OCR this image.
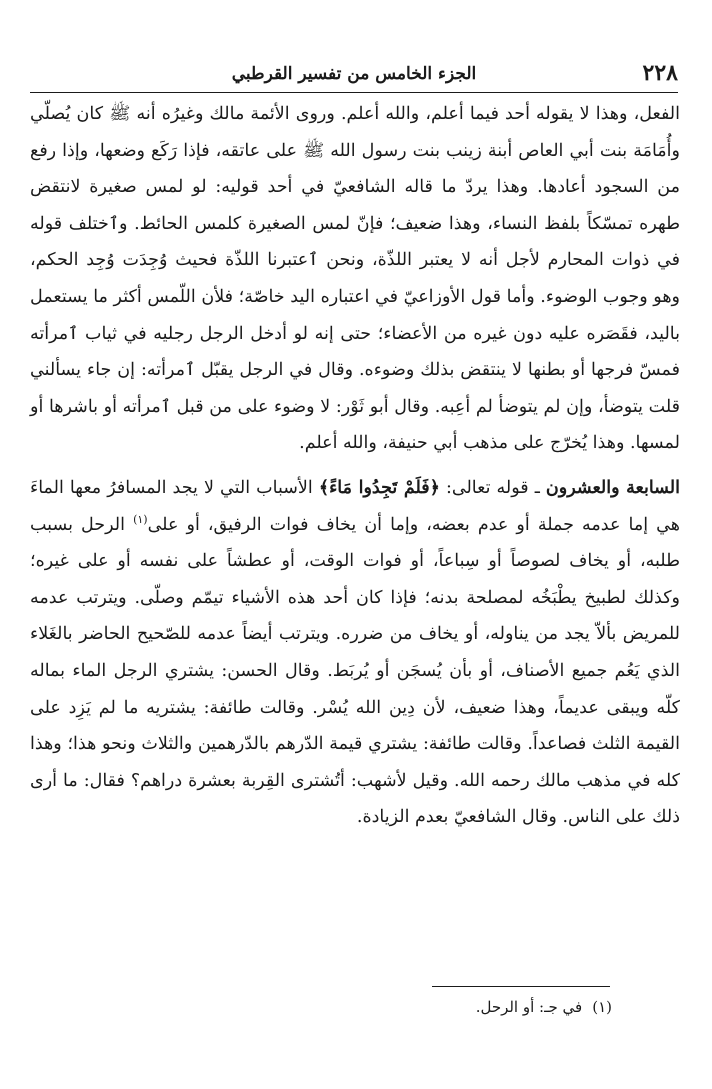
٢٢٨
الجزء الخامس من تفسير القرطبي

الفعل، وهذا لا يقوله أحد فيما أعلم، والله أعلم. وروى الأئمة مالك وغيرُه أنه ﷺ كان يُصلّي وأُمَامَة بنت أبي العاص أبنة زينب بنت رسول الله ﷺ على عاتقه، فإذا رَكَع وضعها، وإذا رفع من السجود أعادها. وهذا يردّ ما قاله الشافعيّ في أحد قوليه: لو لمس صغيرة لانتقض طهره تمسّكاً بلفظ النساء، وهذا ضعيف؛ فإنّ لمس الصغيرة كلمس الحائط. وٱختلف قوله في ذوات المحارم لأجل أنه لا يعتبر اللذّة، ونحن ٱعتبرنا اللذّة فحيث وُجِدَت وُجِد الحكم، وهو وجوب الوضوء. وأما قول الأوزاعيّ في اعتباره اليد خاصّة؛ فلأن اللّمس أكثر ما يستعمل باليد، فقَصَره عليه دون غيره من الأعضاء؛ حتى إنه لو أدخل الرجل رجليه في ثياب ٱمرأته فمسّ فرجها أو بطنها لا ينتقض بذلك وضوءه. وقال في الرجل يقبّل ٱمرأته: إن جاء يسألني قلت يتوضأ، وإن لم يتوضأ لم أعِبه. وقال أبو ثَوْر: لا وضوء على من قبل ٱمرأته أو باشرها أو لمسها. وهذا يُخرّج على مذهب أبي حنيفة، والله أعلم.

السابعة والعشرون ـ قوله تعالى: ﴿فَلَمْ تَجِدُوا مَاءً﴾ الأسباب التي لا يجد المسافرُ معها الماءَ هي إما عدمه جملة أو عدم بعضه، وإما أن يخاف فوات الرفيق، أو على$^{(١)}$ الرحل بسبب طلبه، أو يخاف لصوصاً أو سِباعاً، أو فوات الوقت، أو عطشاً على نفسه أو على غيره؛ وكذلك لطبيخ يطْبَخُه لمصلحة بدنه؛ فإذا كان أحد هذه الأشياء تيمّم وصلّى. ويترتب عدمه للمريض بألاّ يجد من يناوله، أو يخاف من ضرره. ويترتب أيضاً عدمه للصّحيح الحاضر بالغَلاء الذي يَعُم جميع الأصناف، أو بأن يُسجَن أو يُربَط. وقال الحسن: يشتري الرجل الماء بماله كلّه ويبقى عديماً، وهذا ضعيف، لأن دِين الله يُسْر. وقالت طائفة: يشتريه ما لم يَزِد على القيمة الثلث فصاعداً. وقالت طائفة: يشتري قيمة الدّرهم بالدّرهمين والثلاث ونحو هذا؛ وهذا كله في مذهب مالك رحمه الله. وقيل لأشهب: أتُشترى القِربة بعشرة دراهم؟ فقال: ما أرى ذلك على الناس. وقال الشافعيّ بعدم الزيادة.

(١)في جـ: أو الرحل.
